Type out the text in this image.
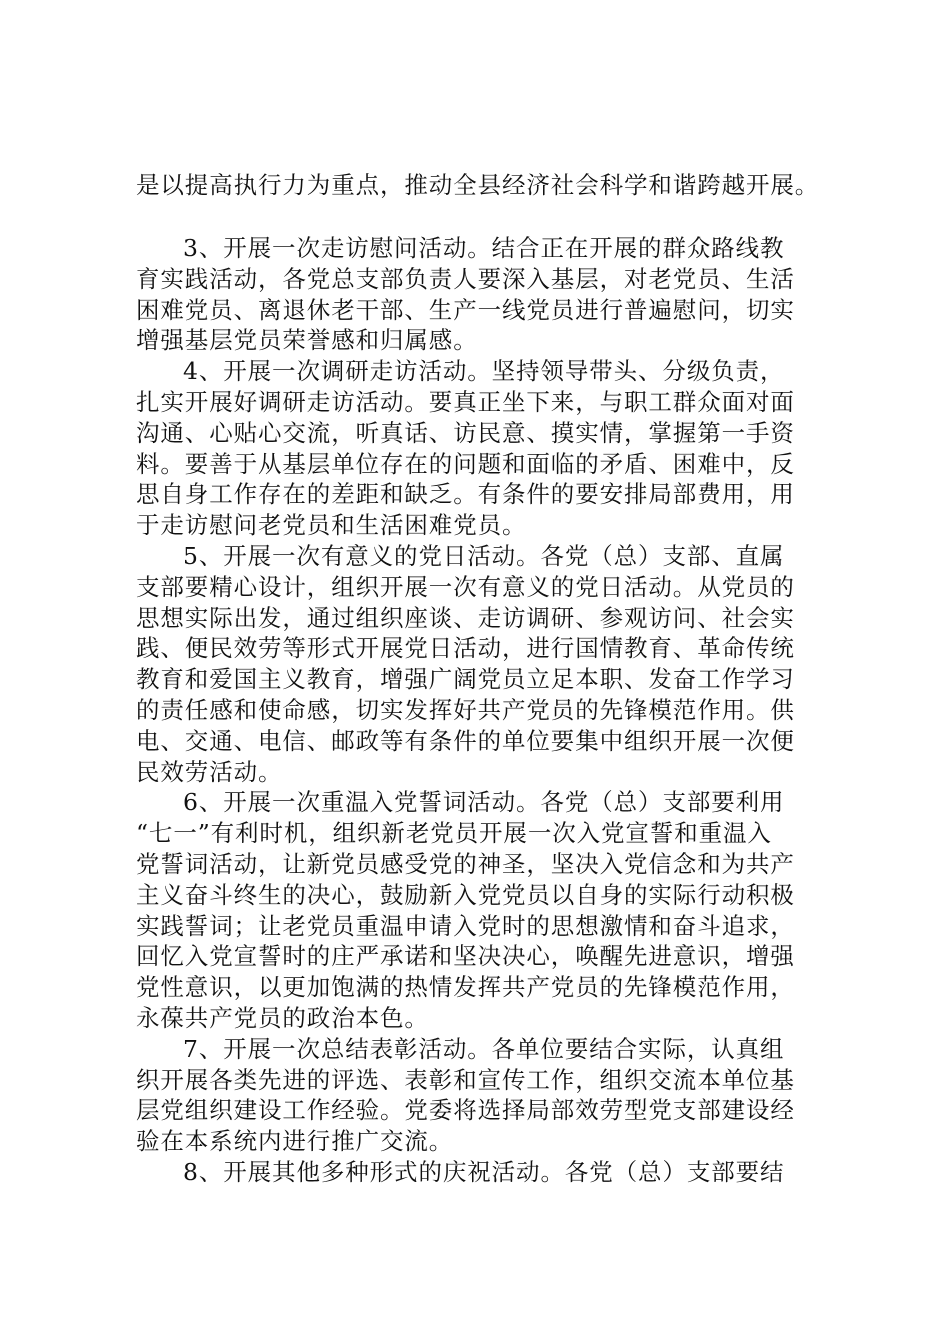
是以提高执行力为重点，推动全县经济社会科学和谐跨越开展。
3、开展一次走访慰问活动。结合正在开展的群众路线教
育实践活动，各党总支部负责人要深入基层，对老党员、生活
困难党员、离退休老干部、生产一线党员进行普遍慰问，切实
增强基层党员荣誉感和归属感。
4、开展一次调研走访活动。坚持领导带头、分级负责，
扎实开展好调研走访活动。要真正坐下来，与职工群众面对面
沟通、心贴心交流，听真话、访民意、摸实情，掌握第一手资
料。要善于从基层单位存在的问题和面临的矛盾、困难中，反
思自身工作存在的差距和缺乏。有条件的要安排局部费用，用
于走访慰问老党员和生活困难党员。
5、开展一次有意义的党日活动。各党（总）支部、直属
支部要精心设计，组织开展一次有意义的党日活动。从党员的
思想实际出发，通过组织座谈、走访调研、参观访问、社会实
践、便民效劳等形式开展党日活动，进行国情教育、革命传统
教育和爱国主义教育，增强广阔党员立足本职、发奋工作学习
的责任感和使命感，切实发挥好共产党员的先锋模范作用。供
电、交通、电信、邮政等有条件的单位要集中组织开展一次便
民效劳活动。
6、开展一次重温入党誓词活动。各党（总）支部要利用
“七一”有利时机，组织新老党员开展一次入党宣誓和重温入
党誓词活动，让新党员感受党的神圣，坚决入党信念和为共产
主义奋斗终生的决心，鼓励新入党党员以自身的实际行动积极
实践誓词；让老党员重温申请入党时的思想激情和奋斗追求，
回忆入党宣誓时的庄严承诺和坚决决心，唤醒先进意识，增强
党性意识，以更加饱满的热情发挥共产党员的先锋模范作用，
永葆共产党员的政治本色。
7、开展一次总结表彰活动。各单位要结合实际，认真组
织开展各类先进的评选、表彰和宣传工作，组织交流本单位基
层党组织建设工作经验。党委将选择局部效劳型党支部建设经
验在本系统内进行推广交流。
8、开展其他多种形式的庆祝活动。各党（总）支部要结
